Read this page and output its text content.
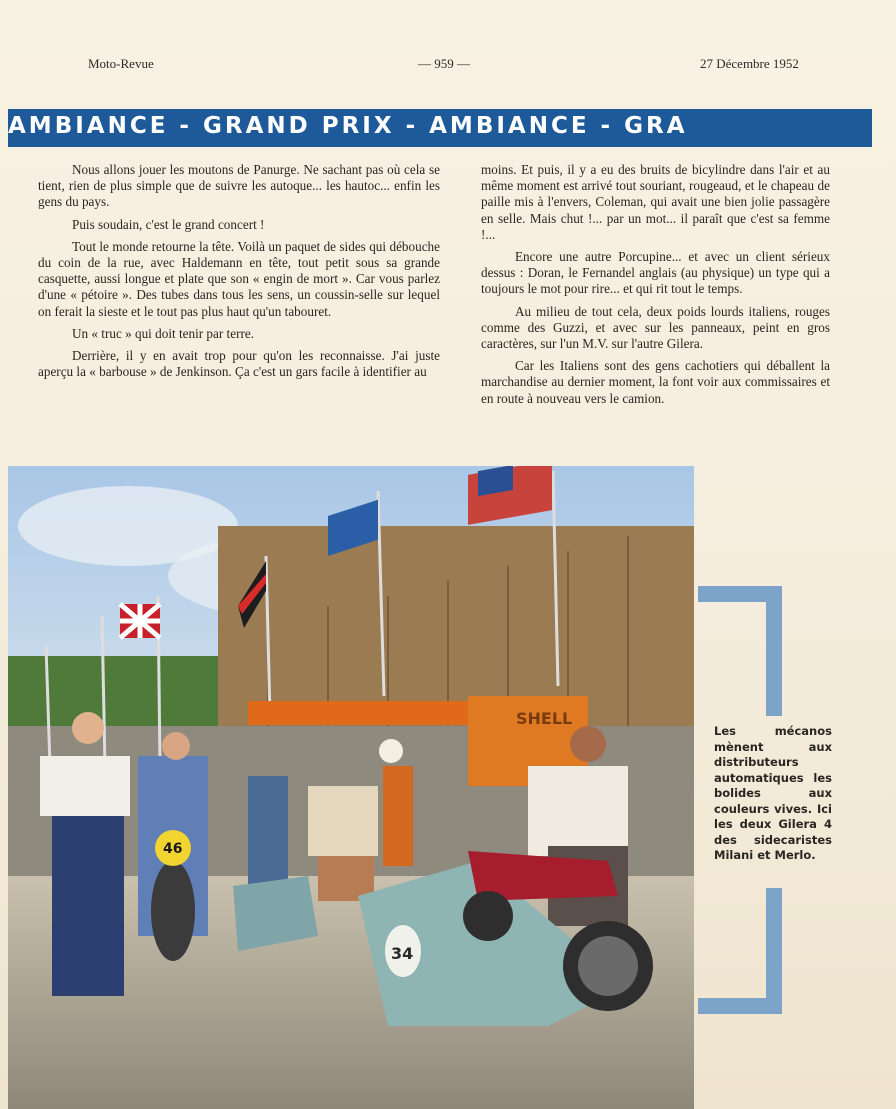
Moto-Revue	— 959 —	27 Décembre 1952
AMBIANCE - GRAND PRIX - AMBIANCE - GRA

Nous allons jouer les moutons de Panurge. Ne sachant pas où cela se tient, rien de plus simple que de suivre les autoque... les hautoc... enfin les gens du pays.

Puis soudain, c'est le grand concert !

Tout le monde retourne la tête. Voilà un paquet de sides qui débouche du coin de la rue, avec Haldemann en tête, tout petit sous sa grande casquette, aussi longue et plate que son « engin de mort ». Car vous parlez d'une « pétoire ». Des tubes dans tous les sens, un coussin-selle sur lequel on ferait la sieste et le tout pas plus haut qu'un tabouret.

Un « truc » qui doit tenir par terre.

Derrière, il y en avait trop pour qu'on les reconnaisse. J'ai juste aperçu la « barbouse » de Jenkinson. Ça c'est un gars facile à identifier au

moins. Et puis, il y a eu des bruits de bicylindre dans l'air et au même moment est arrivé tout souriant, rougeaud, et le chapeau de paille mis à l'envers, Coleman, qui avait une bien jolie passagère en selle. Mais chut !... par un mot... il paraît que c'est sa femme !...

Encore une autre Porcupine... et avec un client sérieux dessus : Doran, le Fernandel anglais (au physique) un type qui a toujours le mot pour rire... et qui rit tout le temps.

Au milieu de tout cela, deux poids lourds italiens, rouges comme des Guzzi, et avec sur les panneaux, peint en gros caractères, sur l'un M.V. sur l'autre Gilera.

Car les Italiens sont des gens cachotiers qui déballent la marchandise au dernier moment, la font voir aux commissaires et en route à nouveau vers le camion.

SHELL
46
34
Les mécanos mènent aux distributeurs automatiques les bolides aux couleurs vives. Ici les deux Gilera 4 des sidecaristes Milani et Merlo.
